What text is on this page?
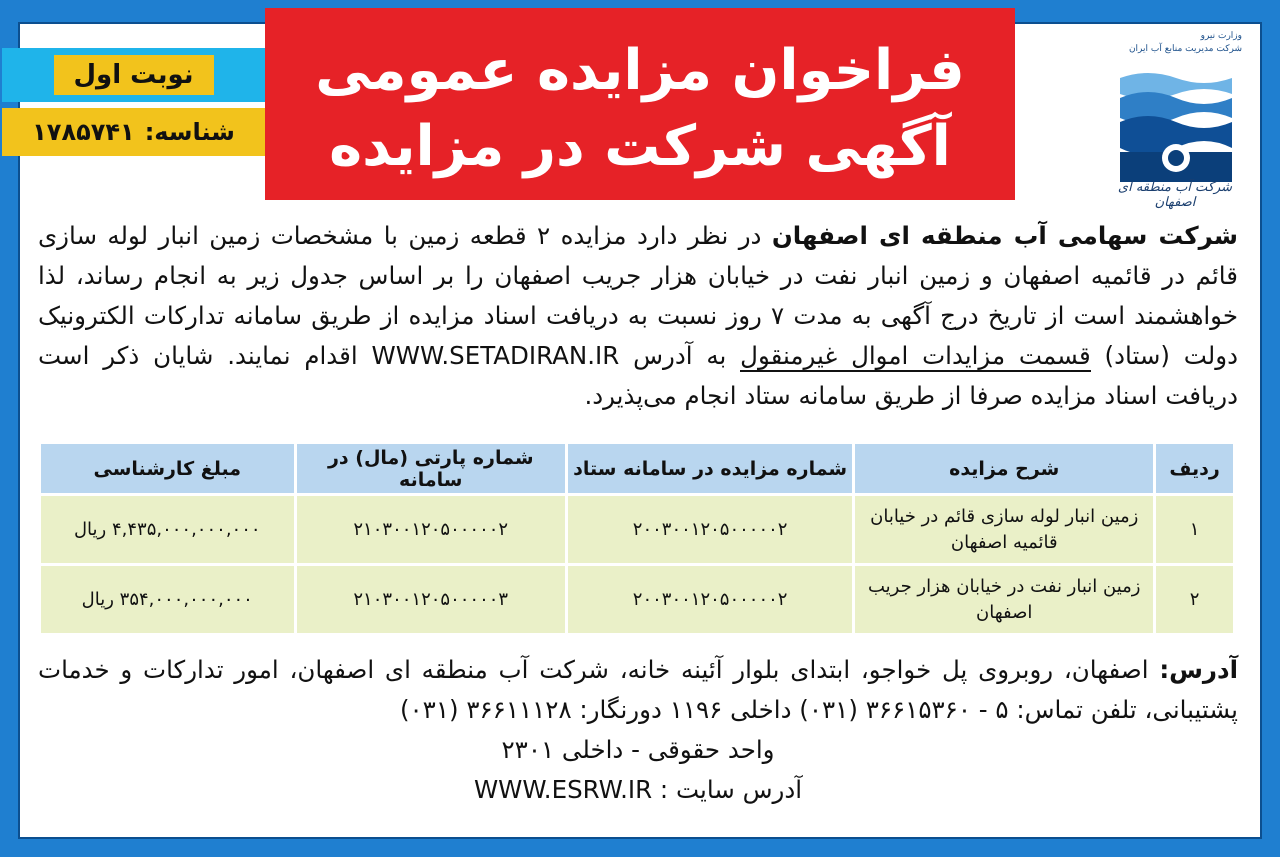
وزارت نیرو
شرکت مدیریت منابع آب ایران
شرکت آب منطقه ای اصفهان
فراخوان مزایده عمومی
آگهی شرکت در مزایده
نوبت اول
شناسه:
۱۷۸۵۷۴۱
شرکت سهامی آب منطقه ای اصفهان در نظر دارد مزایده ۲ قطعه زمین با مشخصات زمین انبار لوله سازی قائم در قائمیه اصفهان و زمین انبار نفت در خیابان هزار جریب اصفهان را بر اساس جدول زیر به انجام رساند، لذا خواهشمند است از تاریخ درج آگهی به مدت ۷ روز نسبت به دریافت اسناد مزایده از طریق سامانه تدارکات الکترونیک دولت (ستاد) قسمت مزایدات اموال غیرمنقول به آدرس WWW.SETADIRAN.IR اقدام نمایند. شایان ذکر است دریافت اسناد مزایده صرفا از طریق سامانه ستاد انجام می‌پذیرد.
ردیف	شرح مزایده	شماره مزایده در سامانه ستاد	شماره پارتی (مال) در سامانه	مبلغ کارشناسی
۱	زمین انبار لوله سازی قائم در خیابان قائمیه اصفهان	۲۰۰۳۰۰۱۲۰۵۰۰۰۰۰۲	۲۱۰۳۰۰۱۲۰۵۰۰۰۰۰۲	۴,۴۳۵,۰۰۰,۰۰۰,۰۰۰ ریال
۲	زمین انبار نفت در خیابان هزار جریب اصفهان	۲۰۰۳۰۰۱۲۰۵۰۰۰۰۰۲	۲۱۰۳۰۰۱۲۰۵۰۰۰۰۰۳	۳۵۴,۰۰۰,۰۰۰,۰۰۰ ریال
آدرس: اصفهان، روبروی پل خواجو، ابتدای بلوار آئینه خانه، شرکت آب منطقه ای اصفهان، امور تدارکات و خدمات پشتیبانی، تلفن تماس: ۵ - ۳۶۶۱۵۳۶۰ (۰۳۱) داخلی ۱۱۹۶ دورنگار: ۳۶۶۱۱۱۲۸ (۰۳۱)
واحد حقوقی - داخلی ۲۳۰۱
آدرس سایت : WWW.ESRW.IR
